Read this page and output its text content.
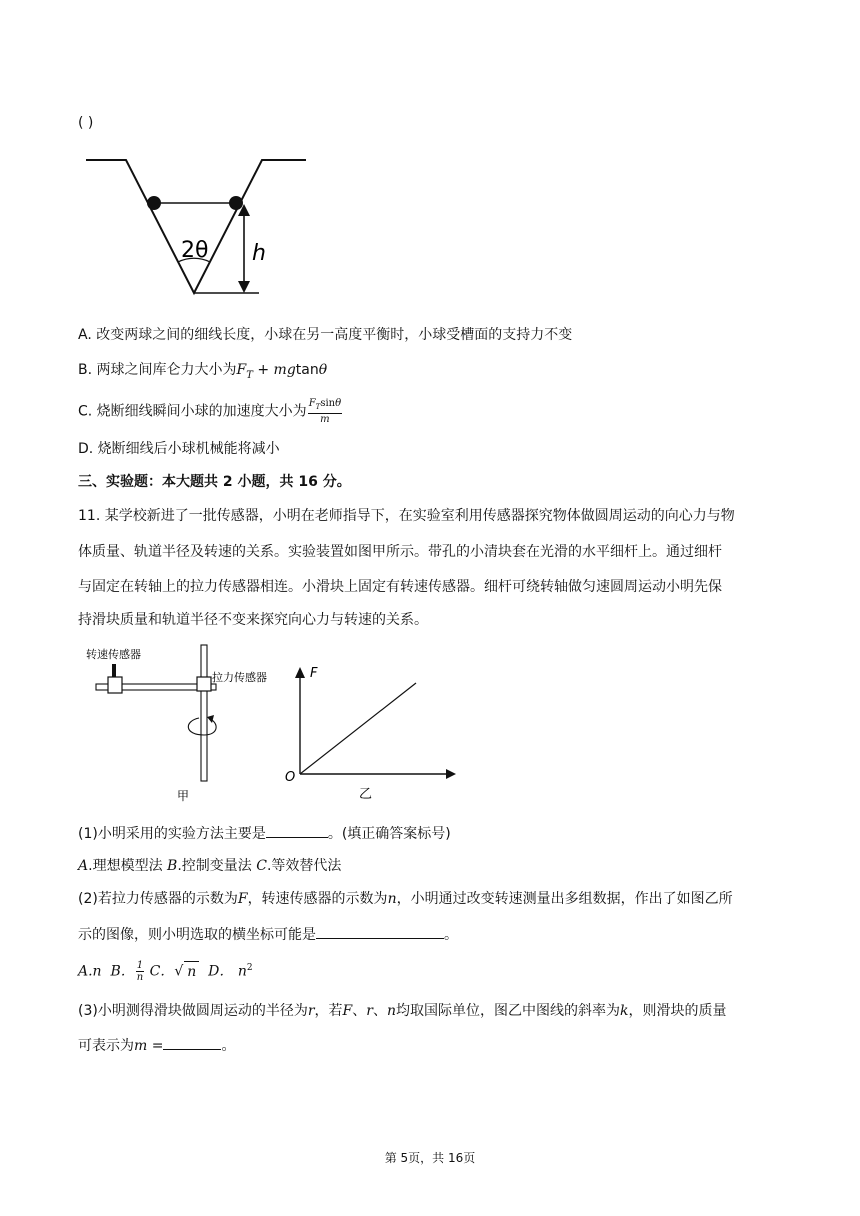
( )
2θ h
A. 改变两球之间的细线长度，小球在另一高度平衡时，小球受槽面的支持力不变
B. 两球之间库仑力大小为$F_T + mgtan\theta$
C. 烧断细线瞬间小球的加速度大小为 $\frac{F_T\sin\theta}{m}$
D. 烧断细线后小球机械能将减小
三、实验题：本大题共 2 小题，共 16 分。
11. 某学校新进了一批传感器，小明在老师指导下，在实验室利用传感器探究物体做圆周运动的向心力与物
体质量、轨道半径及转速的关系。实验装置如图甲所示。带孔的小清块套在光滑的水平细杆上。通过细杆
与固定在转轴上的拉力传感器相连。小滑块上固定有转速传感器。细杆可绕转轴做匀速圆周运动小明先保
持滑块质量和轨道半径不变来探究向心力与转速的关系。
转速传感器
拉力传感器
甲
F
O
乙
(1)小明采用的实验方法主要是	。(填正确答案标号)
A.理想模型法 B.控制变量法 C.等效替代法
(2)若拉力传感器的示数为F，转速传感器的示数为n，小明通过改变转速测量出多组数据，作出了如图乙所
示的图像，则小明选取的横坐标可能是	。
A.n  B． $\frac{1}{n}$ C．√ n  D． $n^2$
(3)小明测得滑块做圆周运动的半径为r，若F、r、n均取国际单位，图乙中图线的斜率为k，则滑块的质量
可表示为m =	。
第 5页，共 16页
